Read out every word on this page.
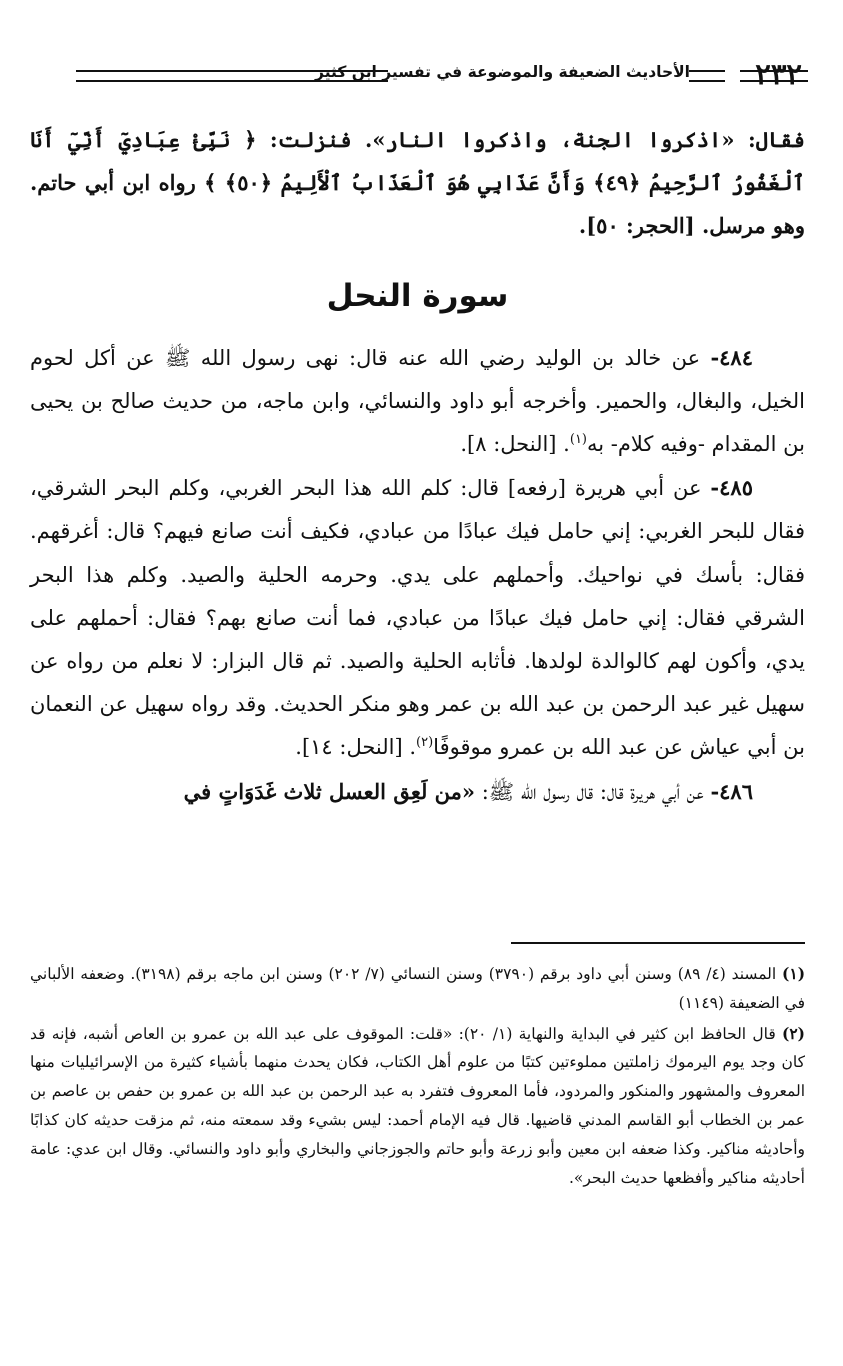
٢٣٢
الأحاديث الضعيفة والموضوعة في تفسير ابن كثير

فقال: «اذكروا الجنة، واذكروا النار». فنزلت: ﴿ نَبِّئْ عِبَادِيٓ أَنِّيٓ أَنَا ٱلْغَفُورُ ٱلرَّحِيمُ ﴿٤٩﴾ وَأَنَّ عَذَابِي هُوَ ٱلْعَذَابُ ٱلْأَلِيمُ ﴿٥٠﴾ ﴾ رواه ابن أبي حاتم. وهو مرسل. [الحجر: ٥٠].

سورة النحل

٤٨٤- عن خالد بن الوليد رضي الله عنه قال: نهى رسول الله ﷺ عن أكل لحوم الخيل، والبغال، والحمير. وأخرجه أبو داود والنسائي، وابن ماجه، من حديث صالح بن يحيى بن المقدام -وفيه كلام- به$^{(١)}$. [النحل: ٨].

٤٨٥- عن أبي هريرة [رفعه] قال: كلم الله هذا البحر الغربي، وكلم البحر الشرقي، فقال للبحر الغربي: إني حامل فيك عبادًا من عبادي، فكيف أنت صانع فيهم؟ قال: أغرقهم. فقال: بأسك في نواحيك. وأحملهم على يدي. وحرمه الحلية والصيد. وكلم هذا البحر الشرقي فقال: إني حامل فيك عبادًا من عبادي، فما أنت صانع بهم؟ فقال: أحملهم على يدي، وأكون لهم كالوالدة لولدها. فأثابه الحلية والصيد. ثم قال البزار: لا نعلم من رواه عن سهيل غير عبد الرحمن بن عبد الله بن عمر وهو منكر الحديث. وقد رواه سهيل عن النعمان بن أبي عياش عن عبد الله بن عمرو موقوفًا$^{(٢)}$. [النحل: ١٤].

٤٨٦- عن أبي هريرة قال: قال رسول الله ﷺ: «من لَعِق العسل ثلاث غَدَوَاتٍ في

(١) المسند (٤/ ٨٩) وسنن أبي داود برقم (٣٧٩٠) وسنن النسائي (٧/ ٢٠٢) وسنن ابن ماجه برقم (٣١٩٨). وضعفه الألباني في الضعيفة (١١٤٩)

(٢) قال الحافظ ابن كثير في البداية والنهاية (١/ ٢٠): «قلت: الموقوف على عبد الله بن عمرو بن العاص أشبه، فإنه قد كان وجد يوم اليرموك زاملتين مملوءتين كتبًا من علوم أهل الكتاب، فكان يحدث منهما بأشياء كثيرة من الإسرائيليات منها المعروف والمشهور والمنكور والمردود، فأما المعروف فتفرد به عبد الرحمن بن عبد الله بن عمرو بن حفص بن عاصم بن عمر بن الخطاب أبو القاسم المدني قاضيها. قال فيه الإمام أحمد: ليس بشيء وقد سمعته منه، ثم مزقت حديثه كان كذابًا وأحاديثه مناكير. وكذا ضعفه ابن معين وأبو زرعة وأبو حاتم والجوزجاني والبخاري وأبو داود والنسائي. وقال ابن عدي: عامة أحاديثه مناكير وأفظعها حديث البحر».
